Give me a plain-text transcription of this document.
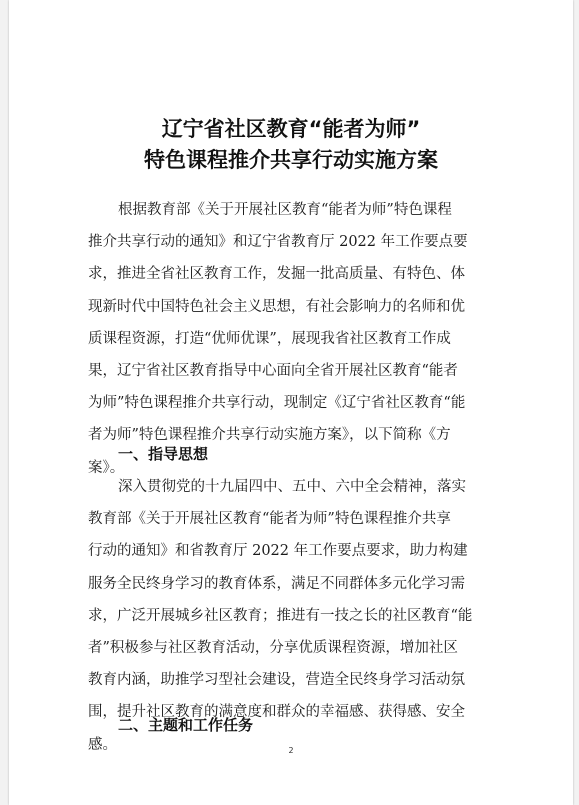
辽宁省社区教育“能者为师”
特色课程推介共享行动实施方案
根据教育部《关于开展社区教育“能者为师”特色课程
推介共享行动的通知》和辽宁省教育厅 2022 年工作要点要
求，推进全省社区教育工作，发掘一批高质量、有特色、体
现新时代中国特色社会主义思想，有社会影响力的名师和优
质课程资源，打造“优师优课”，展现我省社区教育工作成
果，辽宁省社区教育指导中心面向全省开展社区教育“能者
为师”特色课程推介共享行动，现制定《辽宁省社区教育“能
者为师”特色课程推介共享行动实施方案》，以下简称《方
案》。
一、指导思想
深入贯彻党的十九届四中、五中、六中全会精神，落实
教育部《关于开展社区教育“能者为师”特色课程推介共享
行动的通知》和省教育厅 2022 年工作要点要求，助力构建
服务全民终身学习的教育体系，满足不同群体多元化学习需
求，广泛开展城乡社区教育；推进有一技之长的社区教育“能
者”积极参与社区教育活动，分享优质课程资源，增加社区
教育内涵，助推学习型社会建设，营造全民终身学习活动氛
围，提升社区教育的满意度和群众的幸福感、获得感、安全
感。
二、主题和工作任务
2
